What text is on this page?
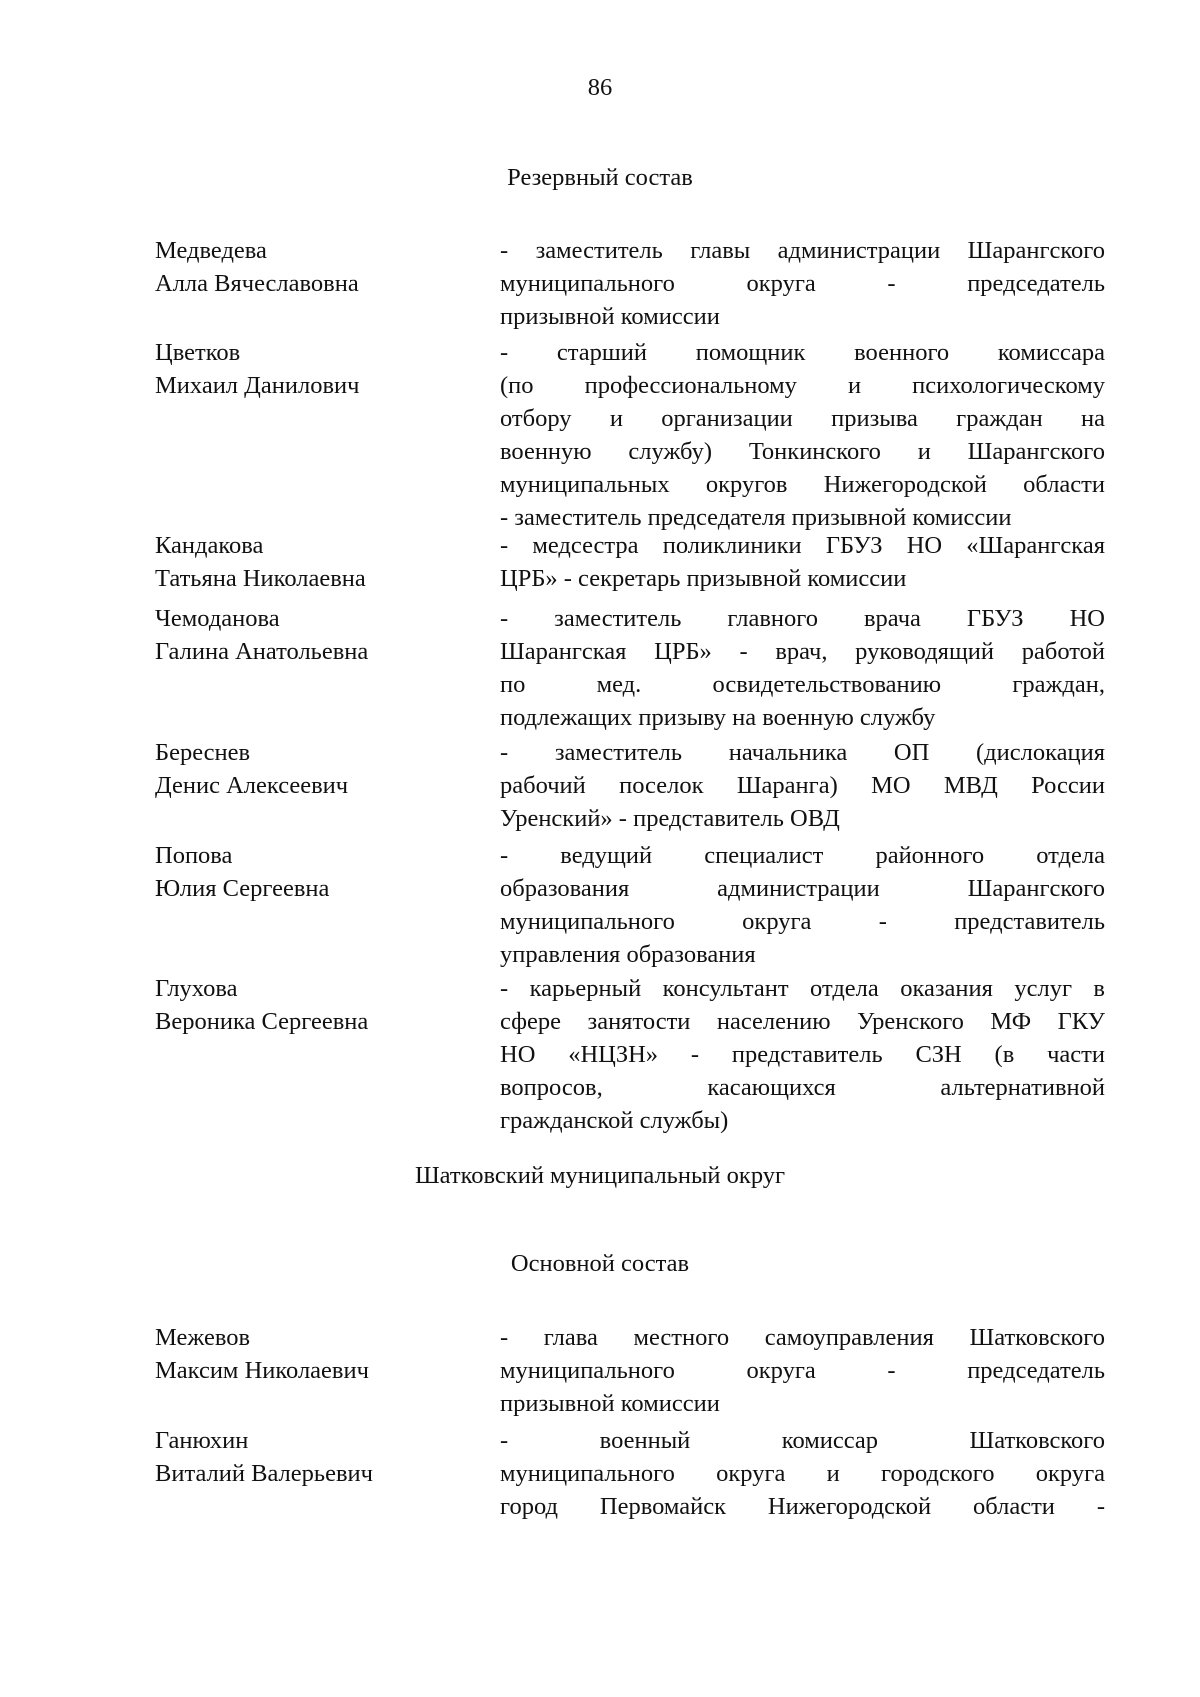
86
Резервный состав
Медведева
Алла Вячеславовна
- заместитель главы администрации Шарангского
муниципального округа - председатель
призывной комиссии
Цветков
Михаил Данилович
- старший помощник военного комиссара
(по профессиональному и психологическому
отбору и организации призыва граждан на
военную службу) Тонкинского и Шарангского
муниципальных округов Нижегородской области
- заместитель председателя призывной комиссии
Кандакова
Татьяна Николаевна
- медсестра поликлиники ГБУЗ НО «Шарангская
ЦРБ» - секретарь призывной комиссии
Чемоданова
Галина Анатольевна
- заместитель главного врача ГБУЗ НО
Шарангская ЦРБ» - врач, руководящий работой
по мед. освидетельствованию граждан,
подлежащих призыву на военную службу
Береснев
Денис Алексеевич
- заместитель начальника ОП (дислокация
рабочий поселок Шаранга) МО МВД России
Уренский» - представитель ОВД
Попова
Юлия Сергеевна
- ведущий специалист районного отдела
образования администрации Шарангского
муниципального округа - представитель
управления образования
Глухова
Вероника Сергеевна
- карьерный консультант отдела оказания услуг в
сфере занятости населению Уренского МФ ГКУ
НО «НЦЗН» - представитель СЗН (в части
вопросов, касающихся альтернативной
гражданской службы)
Шатковский муниципальный округ
Основной состав
Межевов
Максим Николаевич
- глава местного самоуправления Шатковского
муниципального округа - председатель
призывной комиссии
Ганюхин
Виталий Валерьевич
- военный комиссар Шатковского
муниципального округа и городского округа
город Первомайск Нижегородской области -
